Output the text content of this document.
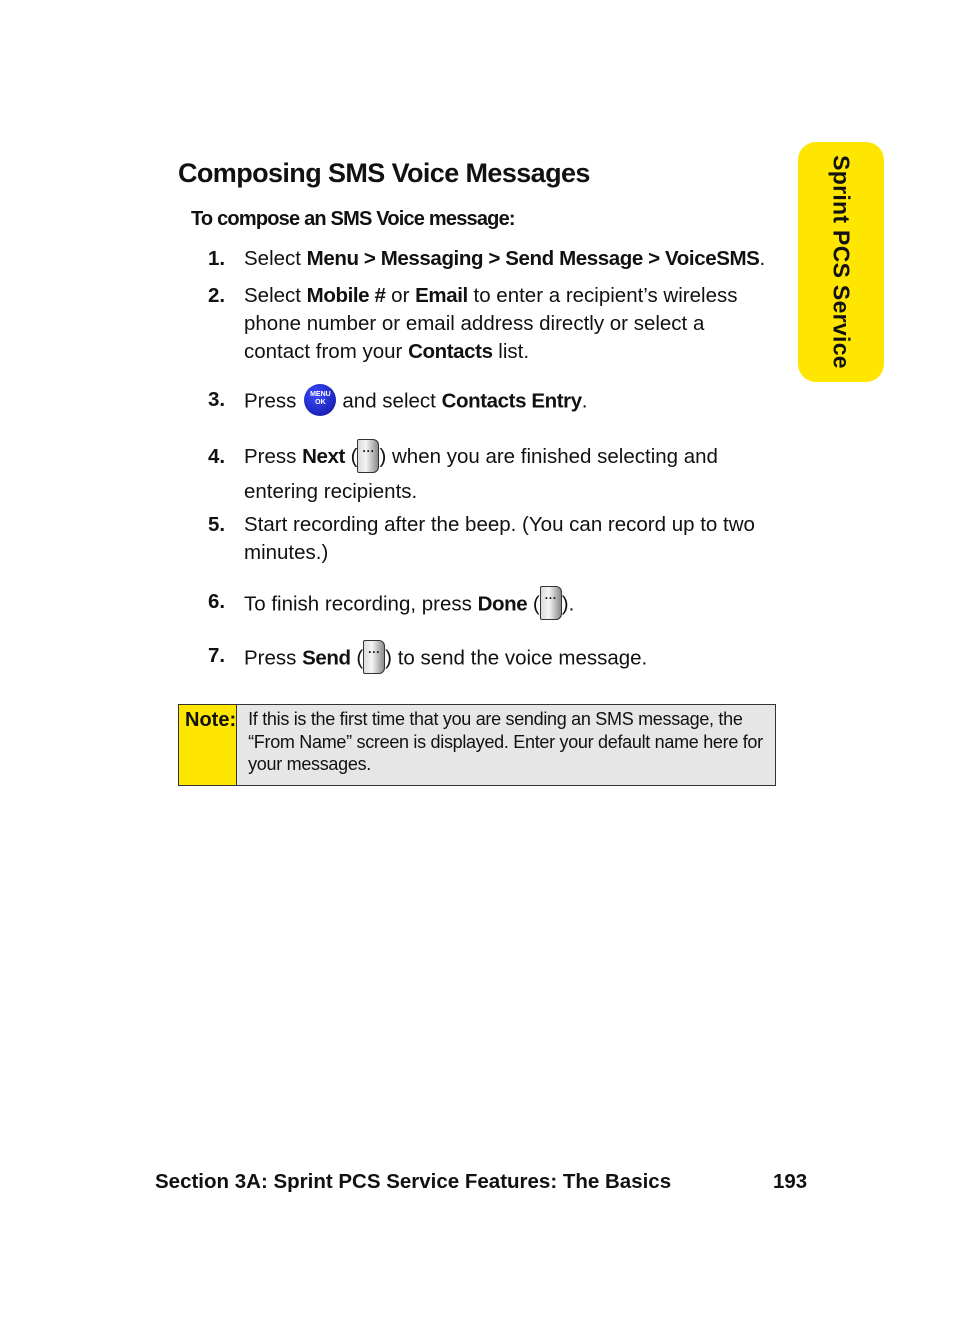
Sprint PCS Service
Composing SMS Voice Messages
To compose an SMS Voice message:
1. Select Menu > Messaging > Send Message > VoiceSMS.
2. Select Mobile # or Email to enter a recipient’s wireless phone number or email address directly or select a contact from your Contacts list.
3. Press	MENU
OK and select Contacts Entry.
4. Press Next ( ··· ) when you are finished selecting and entering recipients.
5. Start recording after the beep. (You can record up to two minutes.)
6. To finish recording, press Done ( ··· ).
7. Press Send ( ··· ) to send the voice message.
Note: If this is the first time that you are sending an SMS message, the “From Name” screen is displayed. Enter your default name here for your messages.
Section 3A: Sprint PCS Service Features: The Basics	193
